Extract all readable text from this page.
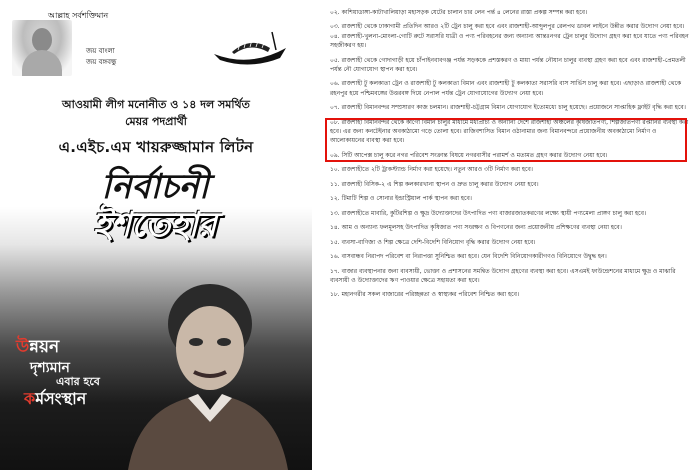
আল্লাহ সর্বশক্তিমান
জয় বাংলা
জয় বঙ্গবন্ধু
আওয়ামী লীগ মনোনীত ও ১৪ দল সমর্থিত
মেয়র পদপ্রার্থী
এ.এইচ.এম খায়রুজ্জামান লিটন
নির্বাচনী
ইশতেহার
উন্নয়ন
দৃশ্যমান
এবার হবে
কর্মসংস্থান

০২. কাশিয়াডাঙ্গা-কাটাখালিয়াড়া মহাসড়ক যেটের চালান চার লেন পর্ন্ত ৪ লেনের রাস্তা প্রকল্প সম্পন্ন করা হবে।

০৩. রাজশাহী থেকে ঢাকাগামী প্রতিদিন আরও ২টি ট্রেন চালু করা হবে এবং রাজশাহী-আব্দুলপুর রেলপথ ডাবল লাইনে উন্নীত করার উদ্যোগ নেয়া হবে। ০৪. রাজশাহী-খুলনা-মোংলা-গোটি রুটে সরাসরি যাত্রী ও পণ্য পরিবহনের জন্য অন্যান্য আন্তঃনগর ট্রেন চালুর উদ্যোগ গ্রহণ করা হবে যাতে পণ্য পরিবহন সহজীকরণ হয়।

০৫. রাজশাহী থেকে গোদাগাড়ী হয়ে চাঁপাইনবাবগঞ্জ পর্যন্ত সড়ককে প্রশস্তকরণ ও মায়া পর্যন্ত নৌযান চালুর ব্যবস্থা গ্রহণ করা হবে এবং রাজশাহী-প্রেমতলী পর্যন্ত নৌ যোগাযোগ স্থাপন করা হবে।

০৬. রাজশাহী টু কলকাতা ট্রেন ও রাজশাহী টু কলকাতা বিমান এবং রাজশাহী টু কলকাতা সরাসরি বাস সার্ভিস চালু করা হবে। এছাড়াও রাজশাহী থেকে রহনপুর হয়ে পশ্চিমবঙ্গের উত্তরবঙ্গ দিয়ে নেপাল পর্যন্ত ট্রেন যোগাযোগের উদ্যোগ নেয়া হবে।

০৭. রাজশাহী বিমানবন্দর সম্প্রসারণ কাজ চলমান। রাজশাহী-চট্টগ্রাম বিমান যোগাযোগ ইতোমধ্যে চালু হয়েছে। প্রয়োজনে সাপ্তাহিক ফ্লাইট বৃদ্ধি করা হবে।

০৮. রাজশাহী বিমানবন্দর থেকে কার্গো বিমান চালুর মাধ্যমে মধ্যপ্রাচ্য ও অন্যান্য দেশে রাজশাহী অঞ্চলের কৃষিজাতপণ্য, শিল্পজাতপণ্য রপ্তানির ব্যবস্থা করা হবে। এর জন্য কনটেইনার অবকাঠামো গড়ে তোলা হবে। রাজিবশাসিত বিমান ওঠানামার জন্য বিমানবন্দরে প্রয়োজনীয় অবকাঠামো নির্মাণ ও আলোকায়নের ব্যবস্থা করা হবে।

০৯. সিটি আপেক্স চালু করে নগর পরিবেশ সংক্রান্ত বিষয়ে নগরবাসীর পরামর্শ ও মতামত গ্রহণ করার উদ্যোগ নেয়া হবে।

১০. রাজশাহীতে ২টি ট্রাকস্ট্যান্ড নির্মাণ করা হয়েছে। নতুন আরও ৩টি নির্মাণ করা হবে।

১১. রাজশাহী বিসিক-২ এ শিল্প কলকারখানা স্থাপন ও দ্রুত চালু করার উদ্যোগ নেয়া হবে।

১২. টিমাটি শিল্প ও সোনার ইন্ডাস্ট্রিয়াল পার্ক স্থাপন করা হবে।

১৩. রাজশাহীতে মাবারি, কুটিরশিল্প ও ক্ষুদ্র উদ্যোক্তাদের উৎপাদিত পণ্য বাজারজাতকরণের লক্ষ্যে স্থায়ী পণ্যমেলা প্রাঙ্গণ চালু করা হবে।

১৪. আম ও অন্যান্য ফলমূলসহ উৎপাদিত কৃষিজাত পণ্য সংরক্ষণ ও বিপণনের জন্য প্রয়োজনীয় প্রশিক্ষণের ব্যবস্থা নেয়া হবে।

১৫. ব্যবসা-বাণিজ্য ও শিল্প ক্ষেত্রে দেশি-বিদেশি বিনিয়োগ বৃদ্ধি করার উদ্যোগ নেয়া হবে।

১৬. বাসবান্ধব নিরাপদ পরিবেশ বা নিরাপত্তা সুনিশ্চিত করা হবে। যেন বিদেশি বিনিয়োগকারীগণও বিনিয়োগে উদ্বুদ্ধ হন।

১৭. বাজার ব্যবস্থাপনার জন্য ব্যবসায়ী, ভোক্তা ও প্রশাসনের সমন্বিত উদ্যোগ গ্রহণের ব্যবস্থা করা হবে। এসএমই ফাউন্ডেশনের মাধ্যমে ক্ষুদ্র ও মাঝারি ব্যবসায়ী ও উদ্যোক্তাদের ঋণ পাওয়ার ক্ষেত্রে সহায়তা করা হবে।

১৮. মহানগরীর সকল বাজারের পরিচ্ছন্নতা ও স্বাস্থ্যকর পরিবেশ নিশ্চিত করা হবে।
